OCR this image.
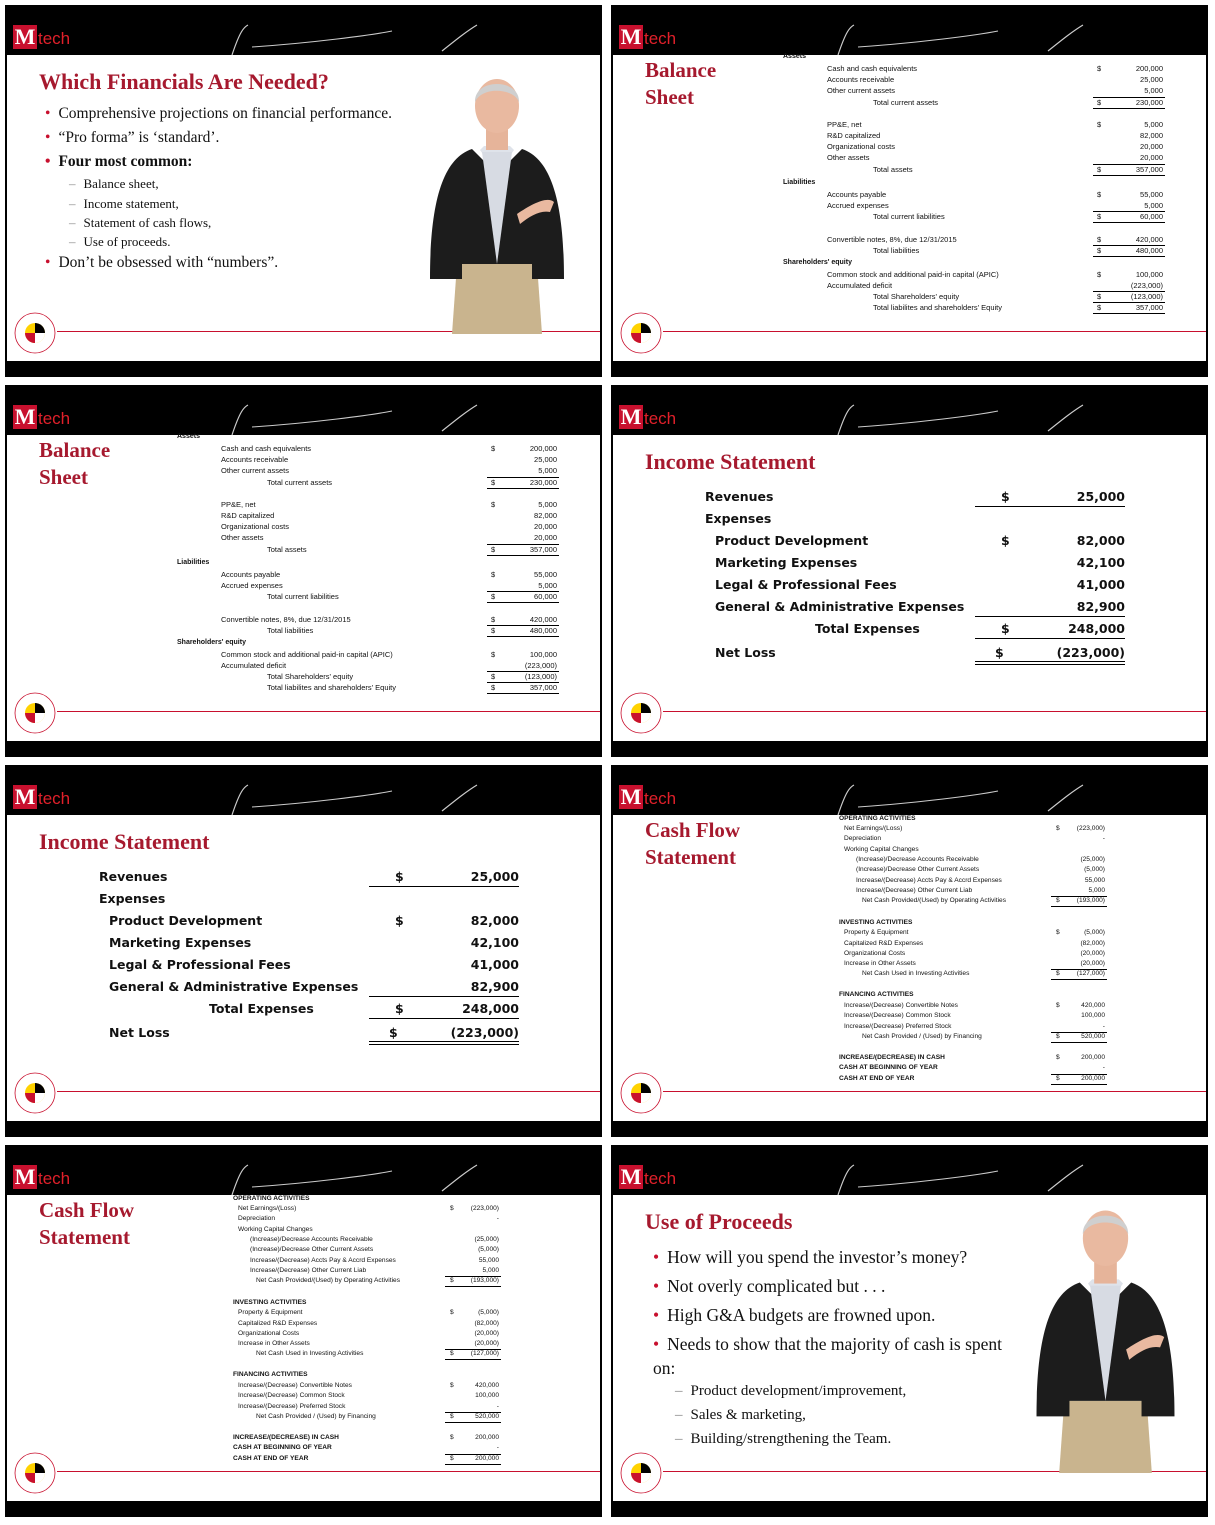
M tech
Which Financials Are Needed?
• Comprehensive projections on financial performance.
• “Pro forma” is ‘standard’.
• Four most common:
– Balance sheet,
– Income statement,
– Statement of cash flows,
– Use of proceeds.
• Don’t be obsessed with “numbers”.
M tech
Balance
Sheet
Assets
Liabilities
Shareholders' equity
Cash and cash equivalents	$	200,000
Accounts receivable	25,000
Other current assets	5,000
Total current assets	$	230,000
PP&E, net	$	5,000
R&D capitalized	82,000
Organizational costs	20,000
Other assets	20,000
Total assets	$	357,000
Accounts payable	$	55,000
Accrued expenses	5,000
Total current liabilities	$	60,000
Convertible notes, 8%, due 12/31/2015	$	420,000
Total liabilities	$	480,000
Common stock and additional paid-in capital (APIC)	$	100,000
Accumulated deficit	(223,000)
Total Shareholders' equity	$	(123,000)
Total liabilites and shareholders' Equity	$	357,000
M tech
Balance
Sheet
Assets
Liabilities
Shareholders' equity
Cash and cash equivalents	$	200,000
Accounts receivable	25,000
Other current assets	5,000
Total current assets	$	230,000
PP&E, net	$	5,000
R&D capitalized	82,000
Organizational costs	20,000
Other assets	20,000
Total assets	$	357,000
Accounts payable	$	55,000
Accrued expenses	5,000
Total current liabilities	$	60,000
Convertible notes, 8%, due 12/31/2015	$	420,000
Total liabilities	$	480,000
Common stock and additional paid-in capital (APIC)	$	100,000
Accumulated deficit	(223,000)
Total Shareholders' equity	$	(123,000)
Total liabilites and shareholders' Equity	$	357,000
M tech
Income Statement
Revenues	$	25,000
Expenses
Product Development	$	82,000
Marketing Expenses	42,100
Legal & Professional Fees	41,000
General & Administrative Expenses	82,900
Total Expenses	$	248,000
Net Loss	$	(223,000)
M tech
Income Statement
Revenues	$	25,000
Expenses
Product Development	$	82,000
Marketing Expenses	42,100
Legal & Professional Fees	41,000
General & Administrative Expenses	82,900
Total Expenses	$	248,000
Net Loss	$	(223,000)
M tech
Cash Flow
Statement
OPERATING ACTIVITIES
Net Earnings/(Loss)	$	(223,000)
Depreciation	-
Working Capital Changes
(Increase)/Decrease Accounts Receivable	(25,000)
(Increase)/Decrease Other Current Assets	(5,000)
Increase/(Decrease) Accts Pay & Accrd Expenses	55,000
Increase/(Decrease) Other Current Liab	5,000
Net Cash Provided/(Used) by Operating Activities	$	(193,000)
INVESTING ACTIVITIES
Property & Equipment	$	(5,000)
Capitalized R&D Expenses	(82,000)
Organizational Costs	(20,000)
Increase in Other Assets	(20,000)
Net Cash Used in Investing Activities	$	(127,000)
FINANCING ACTIVITIES
Increase/(Decrease) Convertible Notes	$	420,000
Increase/(Decrease) Common Stock	100,000
Increase/(Decrease) Preferred Stock	-
Net Cash Provided / (Used) by Financing	$	520,000
INCREASE/(DECREASE) IN CASH	$	200,000
CASH AT BEGINNING OF YEAR	-
CASH AT END OF YEAR	$	200,000
M tech
Cash Flow
Statement
OPERATING ACTIVITIES
Net Earnings/(Loss)	$	(223,000)
Depreciation	-
Working Capital Changes
(Increase)/Decrease Accounts Receivable	(25,000)
(Increase)/Decrease Other Current Assets	(5,000)
Increase/(Decrease) Accts Pay & Accrd Expenses	55,000
Increase/(Decrease) Other Current Liab	5,000
Net Cash Provided/(Used) by Operating Activities	$	(193,000)
INVESTING ACTIVITIES
Property & Equipment	$	(5,000)
Capitalized R&D Expenses	(82,000)
Organizational Costs	(20,000)
Increase in Other Assets	(20,000)
Net Cash Used in Investing Activities	$	(127,000)
FINANCING ACTIVITIES
Increase/(Decrease) Convertible Notes	$	420,000
Increase/(Decrease) Common Stock	100,000
Increase/(Decrease) Preferred Stock	-
Net Cash Provided / (Used) by Financing	$	520,000
INCREASE/(DECREASE) IN CASH	$	200,000
CASH AT BEGINNING OF YEAR	-
CASH AT END OF YEAR	$	200,000
M tech
Use of Proceeds
• How will you spend the investor’s money?
• Not overly complicated but . . .
• High G&A budgets are frowned upon.
• Needs to show that the majority of cash is spent on:
– Product development/improvement,
– Sales & marketing,
– Building/strengthening the Team.
